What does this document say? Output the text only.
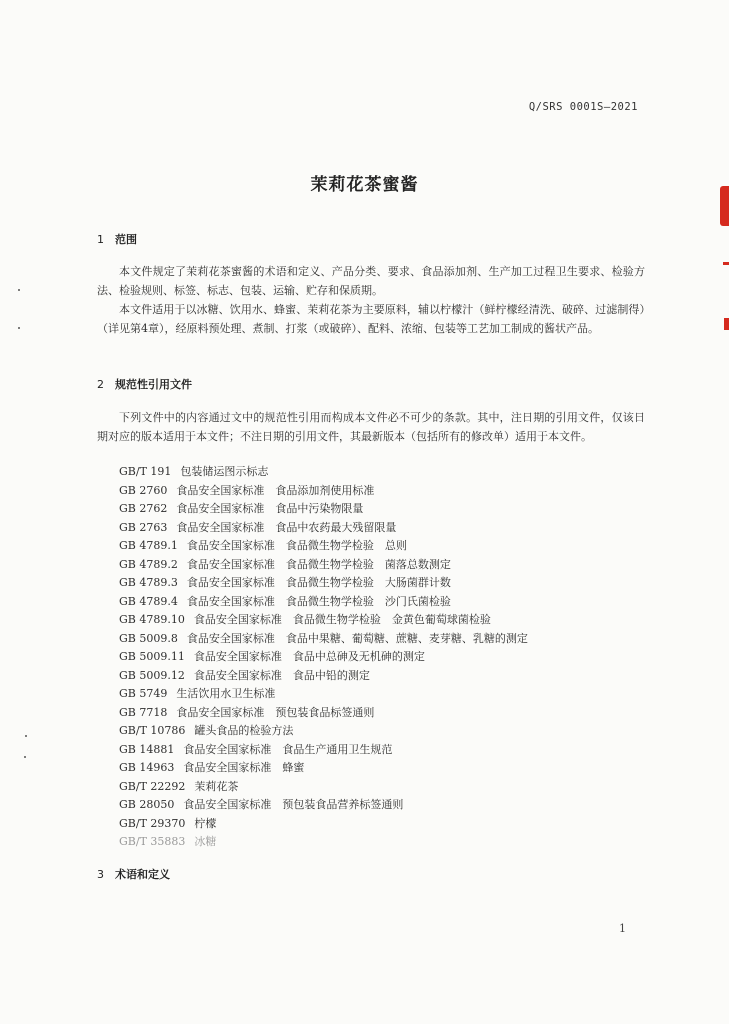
Q/SRS 0001S—2021
茉莉花茶蜜酱
1 范围
本文件规定了茉莉花茶蜜酱的术语和定义、产品分类、要求、食品添加剂、生产加工过程卫生要求、检验方法、检验规则、标签、标志、包装、运输、贮存和保质期。
本文件适用于以冰糖、饮用水、蜂蜜、茉莉花茶为主要原料，辅以柠檬汁（鲜柠檬经清洗、破碎、过滤制得）（详见第4章），经原料预处理、煮制、打浆（或破碎）、配料、浓缩、包装等工艺加工制成的酱状产品。
2 规范性引用文件
下列文件中的内容通过文中的规范性引用而构成本文件必不可少的条款。其中，注日期的引用文件，仅该日期对应的版本适用于本文件；不注日期的引用文件，其最新版本（包括所有的修改单）适用于本文件。
GB/T 191 包装储运图示标志
GB 2760 食品安全国家标准　食品添加剂使用标准
GB 2762 食品安全国家标准　食品中污染物限量
GB 2763 食品安全国家标准　食品中农药最大残留限量
GB 4789.1 食品安全国家标准　食品微生物学检验　总则
GB 4789.2 食品安全国家标准　食品微生物学检验　菌落总数测定
GB 4789.3 食品安全国家标准　食品微生物学检验　大肠菌群计数
GB 4789.4 食品安全国家标准　食品微生物学检验　沙门氏菌检验
GB 4789.10 食品安全国家标准　食品微生物学检验　金黄色葡萄球菌检验
GB 5009.8 食品安全国家标准　食品中果糖、葡萄糖、蔗糖、麦芽糖、乳糖的测定
GB 5009.11 食品安全国家标准　食品中总砷及无机砷的测定
GB 5009.12 食品安全国家标准　食品中铅的测定
GB 5749 生活饮用水卫生标准
GB 7718 食品安全国家标准　预包装食品标签通则
GB/T 10786 罐头食品的检验方法
GB 14881 食品安全国家标准　食品生产通用卫生规范
GB 14963 食品安全国家标准　蜂蜜
GB/T 22292 茉莉花茶
GB 28050 食品安全国家标准　预包装食品营养标签通则
GB/T 29370 柠檬
GB/T 35883 冰糖
3 术语和定义
1
